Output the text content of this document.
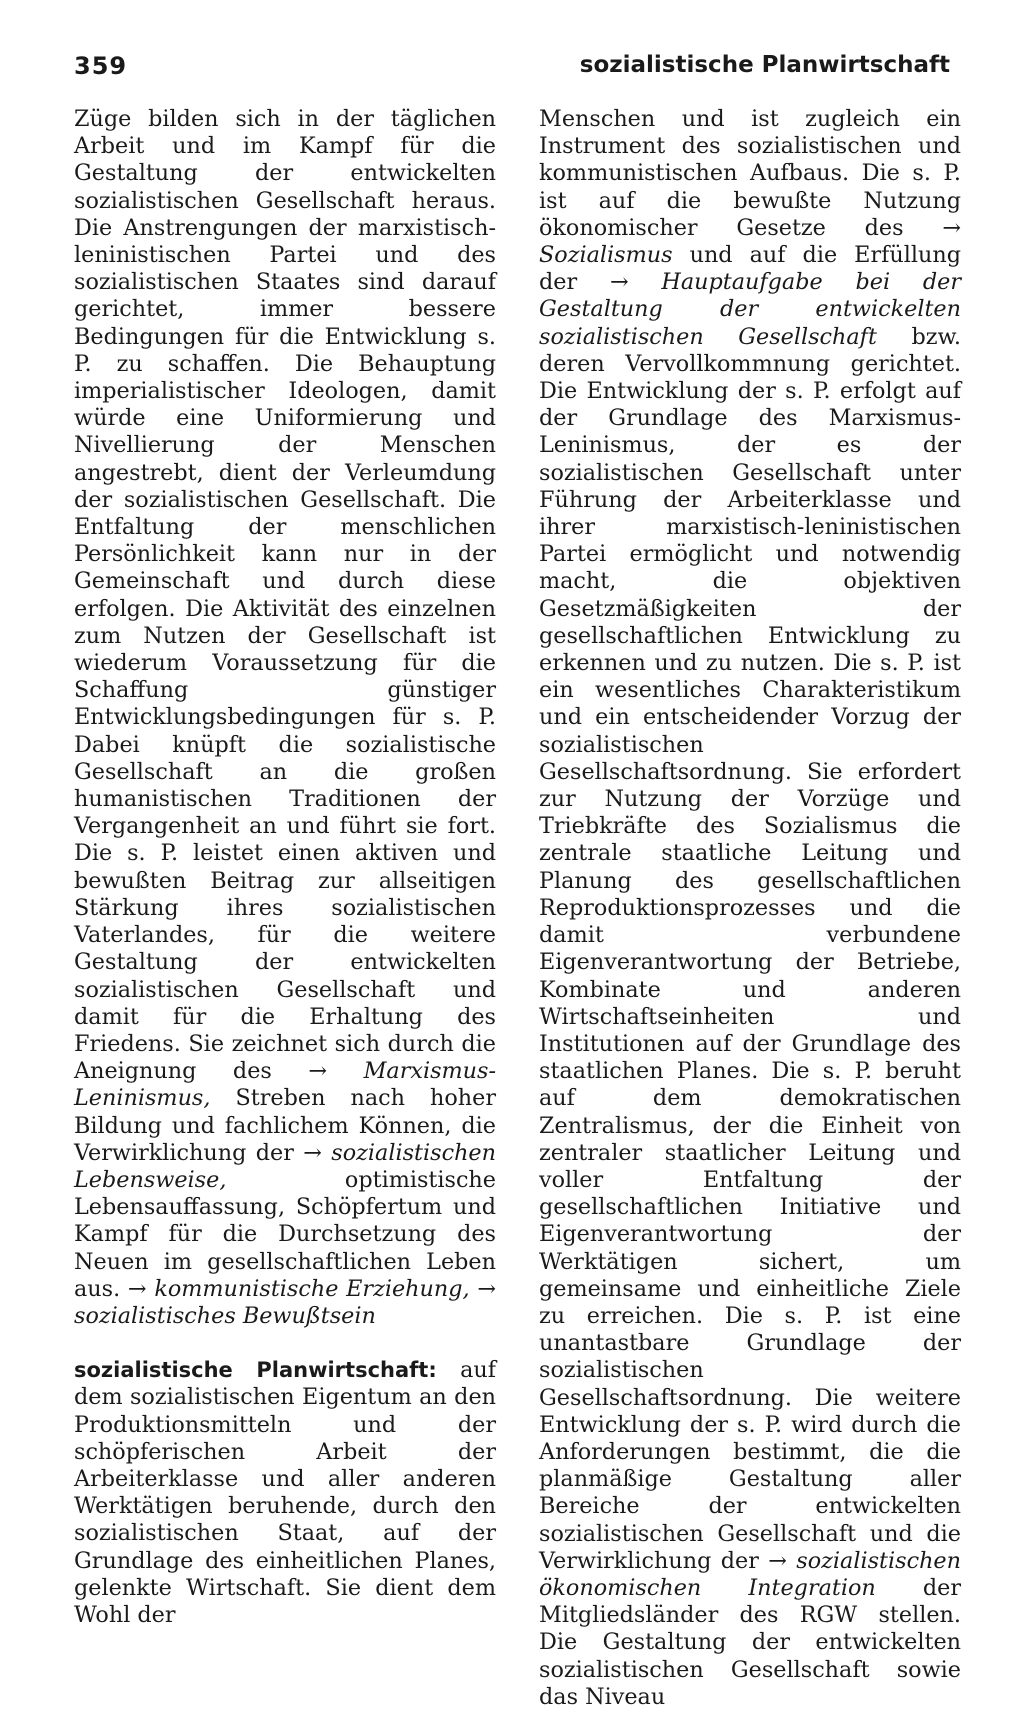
359	sozialistische Planwirtschaft

Züge bilden sich in der täglichen Arbeit und im Kampf für die Gestaltung der entwickelten sozialistischen Gesellschaft heraus. Die Anstrengungen der marxistisch-leninistischen Partei und des sozialistischen Staates sind darauf gerichtet, immer bessere Bedingungen für die Entwicklung s. P. zu schaffen. Die Behauptung imperialistischer Ideologen, damit würde eine Uniformierung und Nivellierung der Menschen angestrebt, dient der Verleumdung der sozialistischen Gesellschaft. Die Entfaltung der menschlichen Persönlichkeit kann nur in der Gemeinschaft und durch diese erfolgen. Die Aktivität des einzelnen zum Nutzen der Gesellschaft ist wiederum Voraussetzung für die Schaffung günstiger Entwicklungsbedingungen für s. P. Dabei knüpft die sozialistische Gesellschaft an die großen humanistischen Traditionen der Vergangenheit an und führt sie fort. Die s. P. leistet einen aktiven und bewußten Beitrag zur allseitigen Stärkung ihres sozialistischen Vaterlandes, für die weitere Gestaltung der entwickelten sozialistischen Gesellschaft und damit für die Erhaltung des Friedens. Sie zeichnet sich durch die Aneignung des → Marxismus-Leninismus, Streben nach hoher Bildung und fachlichem Können, die Verwirklichung der → sozialistischen Lebensweise,	optimistische Lebensauffassung, Schöpfertum und Kampf für die Durchsetzung des Neuen im gesellschaftlichen Leben aus. → kommunistische Erziehung, → sozialistisches Bewußtsein

sozialistische Planwirtschaft: auf dem sozialistischen Eigentum an den Produktionsmitteln und der schöpferischen Arbeit der Arbeiterklasse und aller anderen Werktätigen beruhende, durch den sozialistischen Staat, auf der Grundlage des einheitlichen Planes, gelenkte Wirtschaft. Sie dient dem Wohl der

Menschen und ist zugleich ein Instrument des sozialistischen und kommunistischen Aufbaus. Die s. P. ist auf die bewußte Nutzung ökonomischer Gesetze des → Sozialismus und auf die Erfüllung der → Hauptaufgabe bei der Gestaltung der entwickelten sozialistischen Gesellschaft bzw. deren Vervollkommnung gerichtet. Die Entwicklung der s. P. erfolgt auf der Grundlage des Marxismus-Leninismus, der es der sozialistischen Gesellschaft unter Führung der Arbeiterklasse und ihrer marxistisch-leninistischen Partei ermöglicht und notwendig macht, die objektiven Gesetzmäßigkeiten der gesellschaftlichen Entwicklung zu erkennen und zu nutzen. Die s. P. ist ein wesentliches Charakteristikum und ein entscheidender Vorzug der sozialistischen Gesellschaftsordnung. Sie erfordert zur Nutzung der Vorzüge und Triebkräfte des Sozialismus die zentrale staatliche Leitung und Planung des gesellschaftlichen Reproduktionsprozesses und die damit verbundene Eigenverantwortung der Betriebe, Kombinate und anderen Wirtschaftseinheiten und Institutionen auf der Grundlage des staatlichen Planes. Die s. P. beruht auf dem demokratischen Zentralismus, der die Einheit von zentraler staatlicher Leitung und voller Entfaltung der gesellschaftlichen Initiative und Eigenverantwortung der Werktätigen sichert, um gemeinsame und einheitliche Ziele zu erreichen. Die s. P. ist eine unantastbare Grundlage der sozialistischen Gesellschaftsordnung. Die weitere Entwicklung der s. P. wird durch die Anforderungen bestimmt, die die planmäßige Gestaltung aller Bereiche der entwickelten sozialistischen Gesellschaft und die Verwirklichung der → sozialistischen ökonomischen Integration der Mitgliedsländer des RGW stellen. Die Gestaltung der entwickelten sozialistischen Gesellschaft sowie das Niveau
